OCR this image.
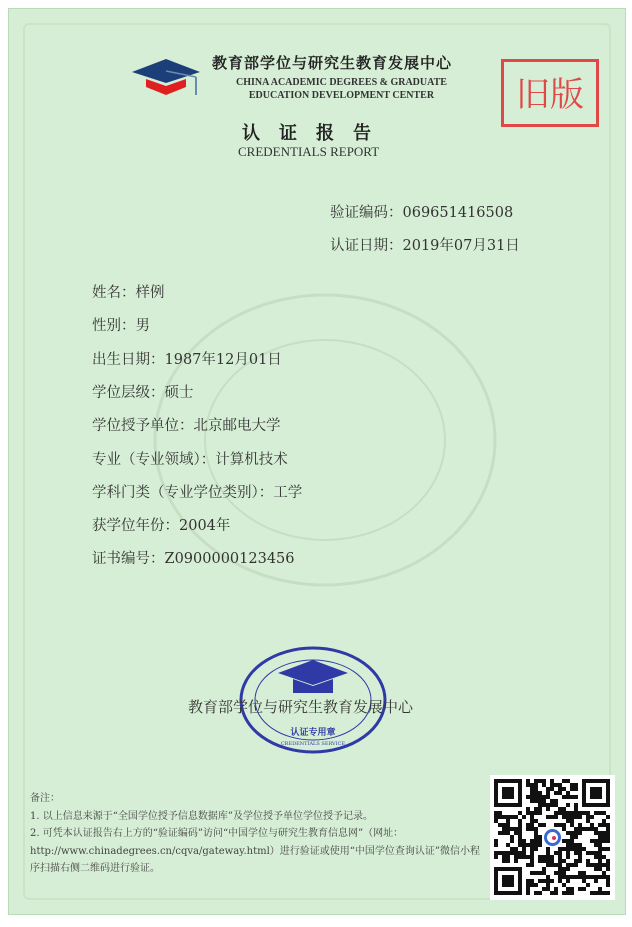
教育部学位与研究生教育发展中心
CHINA ACADEMIC DEGREES & GRADUATE
EDUCATION DEVELOPMENT CENTER
认证报告
CREDENTIALS REPORT
旧版
验证编码：069651416508
认证日期：2019年07月31日
姓名：样例
性别：男
出生日期：1987年12月01日
学位层级：硕士
学位授予单位：北京邮电大学
专业（专业领域）：计算机技术
学科门类（专业学位类别）：工学
获学位年份：2004年
证书编号：Z0900000123456
认证专用章
CREDENTIALS SERVICE
教育部学位与研究生教育发展中心
备注：
1. 以上信息来源于“全国学位授予信息数据库”及学位授予单位学位授予记录。
2. 可凭本认证报告右上方的“验证编码”访问“中国学位与研究生教育信息网”（网址：http://www.chinadegrees.cn/cqva/gateway.html）进行验证或使用“中国学位查询认证”微信小程序扫描右侧二维码进行验证。
